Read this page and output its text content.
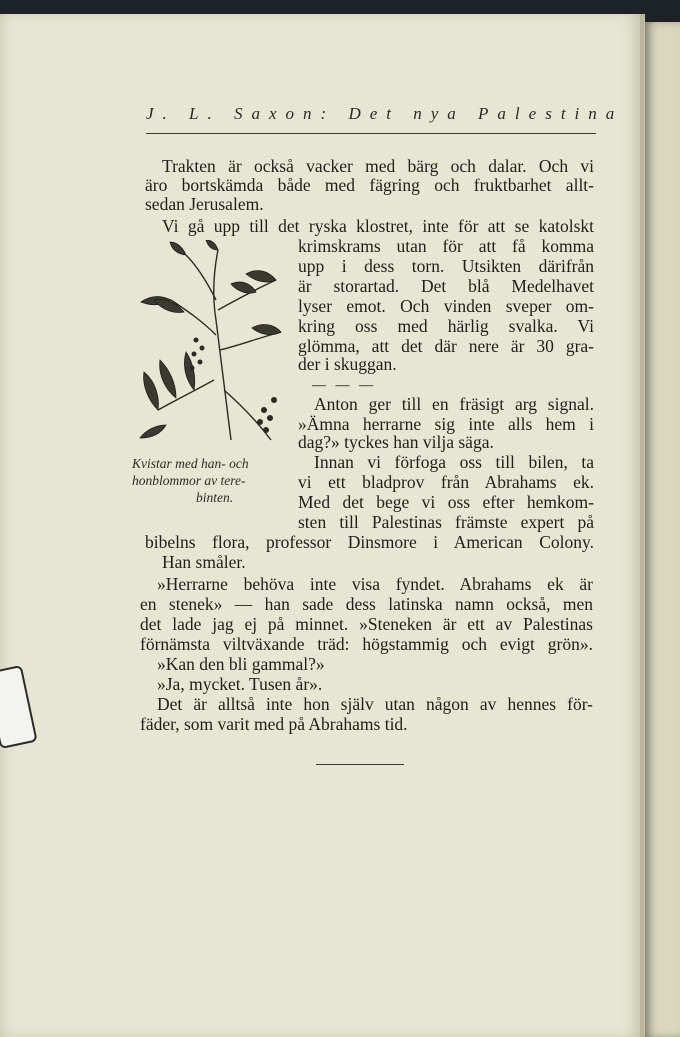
J. L. Saxon: Det nya Palestina
Trakten är också vacker med bärg och dalar. Och vi
äro bortskämda både med fägring och fruktbarhet allt-
sedan Jerusalem.
Vi gå upp till det ryska klostret, inte för att se katolskt
krimskrams utan för att få komma
upp i dess torn. Utsikten därifrån
är storartad. Det blå Medelhavet
lyser emot. Och vinden sveper om-
kring oss med härlig svalka. Vi
glömma, att det där nere är 30 gra-
der i skuggan.
— — —
Anton ger till en fräsigt arg signal.
»Ämna herrarne sig inte alls hem i
dag?» tyckes han vilja säga.
Innan vi förfoga oss till bilen, ta
vi ett bladprov från Abrahams ek.
Med det bege vi oss efter hemkom-
sten till Palestinas främste expert på
bibelns flora, professor Dinsmore i American Colony.
Han småler.
»Herrarne behöva inte visa fyndet. Abrahams ek är
en stenek» — han sade dess latinska namn också, men
det lade jag ej på minnet. »Steneken är ett av Palestinas
förnämsta viltväxande träd: högstammig och evigt grön».
»Kan den bli gammal?»
»Ja, mycket. Tusen år».
Det är alltså inte hon själv utan någon av hennes för-
fäder, som varit med på Abrahams tid.
Kvistar med han- och
honblommor av tere-
binten.
